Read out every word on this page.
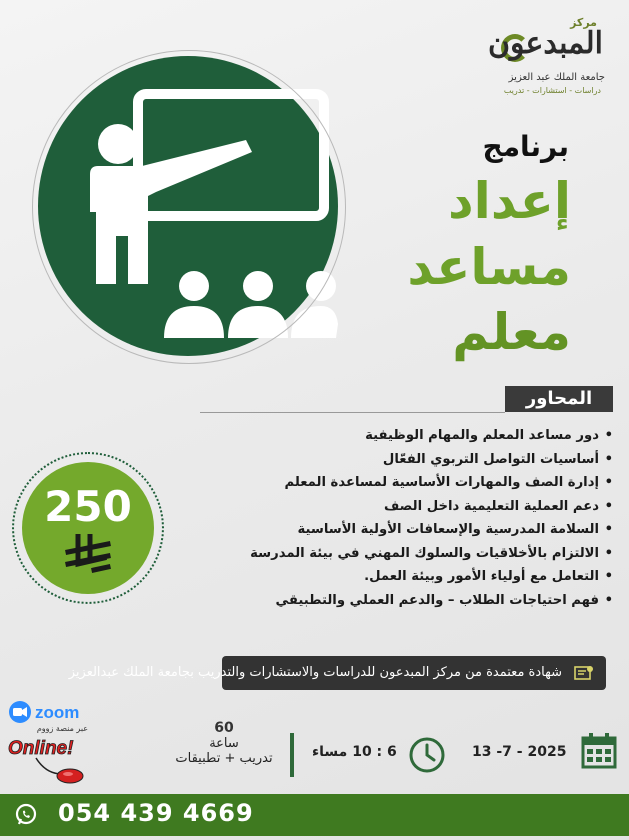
مركز
المبدعون
جامعة الملك عبد العزيز
دراسات - استشارات - تدريب
برنامج
إعداد
مساعد
معلم
250
المحاور
•
دور مساعد المعلم والمهام الوظيفية
•
أساسيات التواصل التربوي الفعّال
•
إدارة الصف والمهارات الأساسية لمساعدة المعلم
•
دعم العملية التعليمية داخل الصف
•
السلامة المدرسية والإسعافات الأولية الأساسية
•
الالتزام بالأخلاقيات والسلوك المهني في بيئة المدرسة
•
التعامل مع أولياء الأمور وبيئة العمل.
•
فهم احتياجات الطلاب – والدعم العملي والتطبيقي
شهادة معتمدة من مركز المبدعون للدراسات والاستشارات والتدريب بجامعة الملك عبدالعزيز
zoom
عبر منصة زووم
Online!
60
ساعة
تدريب + تطبيقات	6 : 10 مساء	13 -7 - 2025
054 439 4669
